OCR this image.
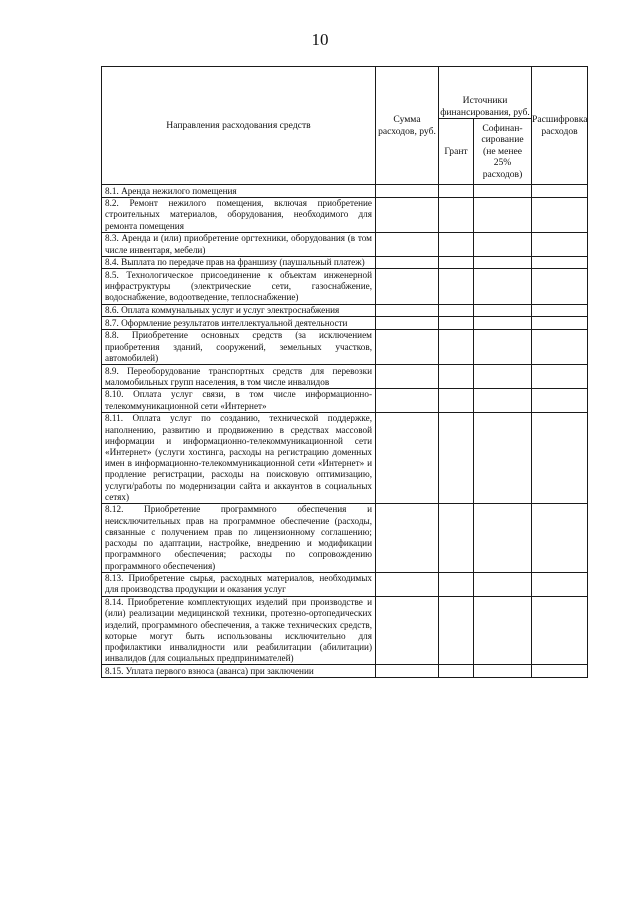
10
Направления расходования средств	Сумма расходов, руб.	Источники финансирования, руб.		Расшифровка расходов
		Грант	Софинан-сирование (не менее 25% расходов)	
8.1. Аренда нежилого помещения				
8.2. Ремонт нежилого помещения, включая приобретение строительных материалов, оборудования, необходимого для ремонта помещения				
8.3. Аренда и (или) приобретение оргтехники, оборудования (в том числе инвентаря, мебели)				
8.4. Выплата по передаче прав на франшизу (паушальный платеж)				
8.5. Технологическое присоединение к объектам инженерной инфраструктуры (электрические сети, газоснабжение, водоснабжение, водоотведение, теплоснабжение)				
8.6. Оплата коммунальных услуг и услуг электроснабжения				
8.7. Оформление результатов интеллектуальной деятельности				
8.8. Приобретение основных средств (за исключением приобретения зданий, сооружений, земельных участков, автомобилей)				
8.9. Переоборудование транспортных средств для перевозки маломобильных групп населения, в том числе инвалидов				
8.10. Оплата услуг связи, в том числе информационно-телекоммуникационной сети «Интернет»				
8.11. Оплата услуг по созданию, технической поддержке, наполнению, развитию и продвижению в средствах массовой информации и информационно-телекоммуникационной сети «Интернет» (услуги хостинга, расходы на регистрацию доменных имен в информационно-телекоммуникационной сети «Интернет» и продление регистрации, расходы на поисковую оптимизацию, услуги/работы по модернизации сайта и аккаунтов в социальных сетях)				
8.12. Приобретение программного обеспечения и неисключительных прав на программное обеспечение (расходы, связанные с получением прав по лицензионному соглашению; расходы по адаптации, настройке, внедрению и модификации программного обеспечения; расходы по сопровождению программного обеспечения)				
8.13. Приобретение сырья, расходных материалов, необходимых для производства продукции и оказания услуг				
8.14. Приобретение комплектующих изделий при производстве и (или) реализации медицинской техники, протезно-ортопедических изделий, программного обеспечения, а также технических средств, которые могут быть использованы исключительно для профилактики инвалидности или реабилитации (абилитации) инвалидов (для социальных предпринимателей)				
8.15. Уплата первого взноса (аванса) при заключении				
